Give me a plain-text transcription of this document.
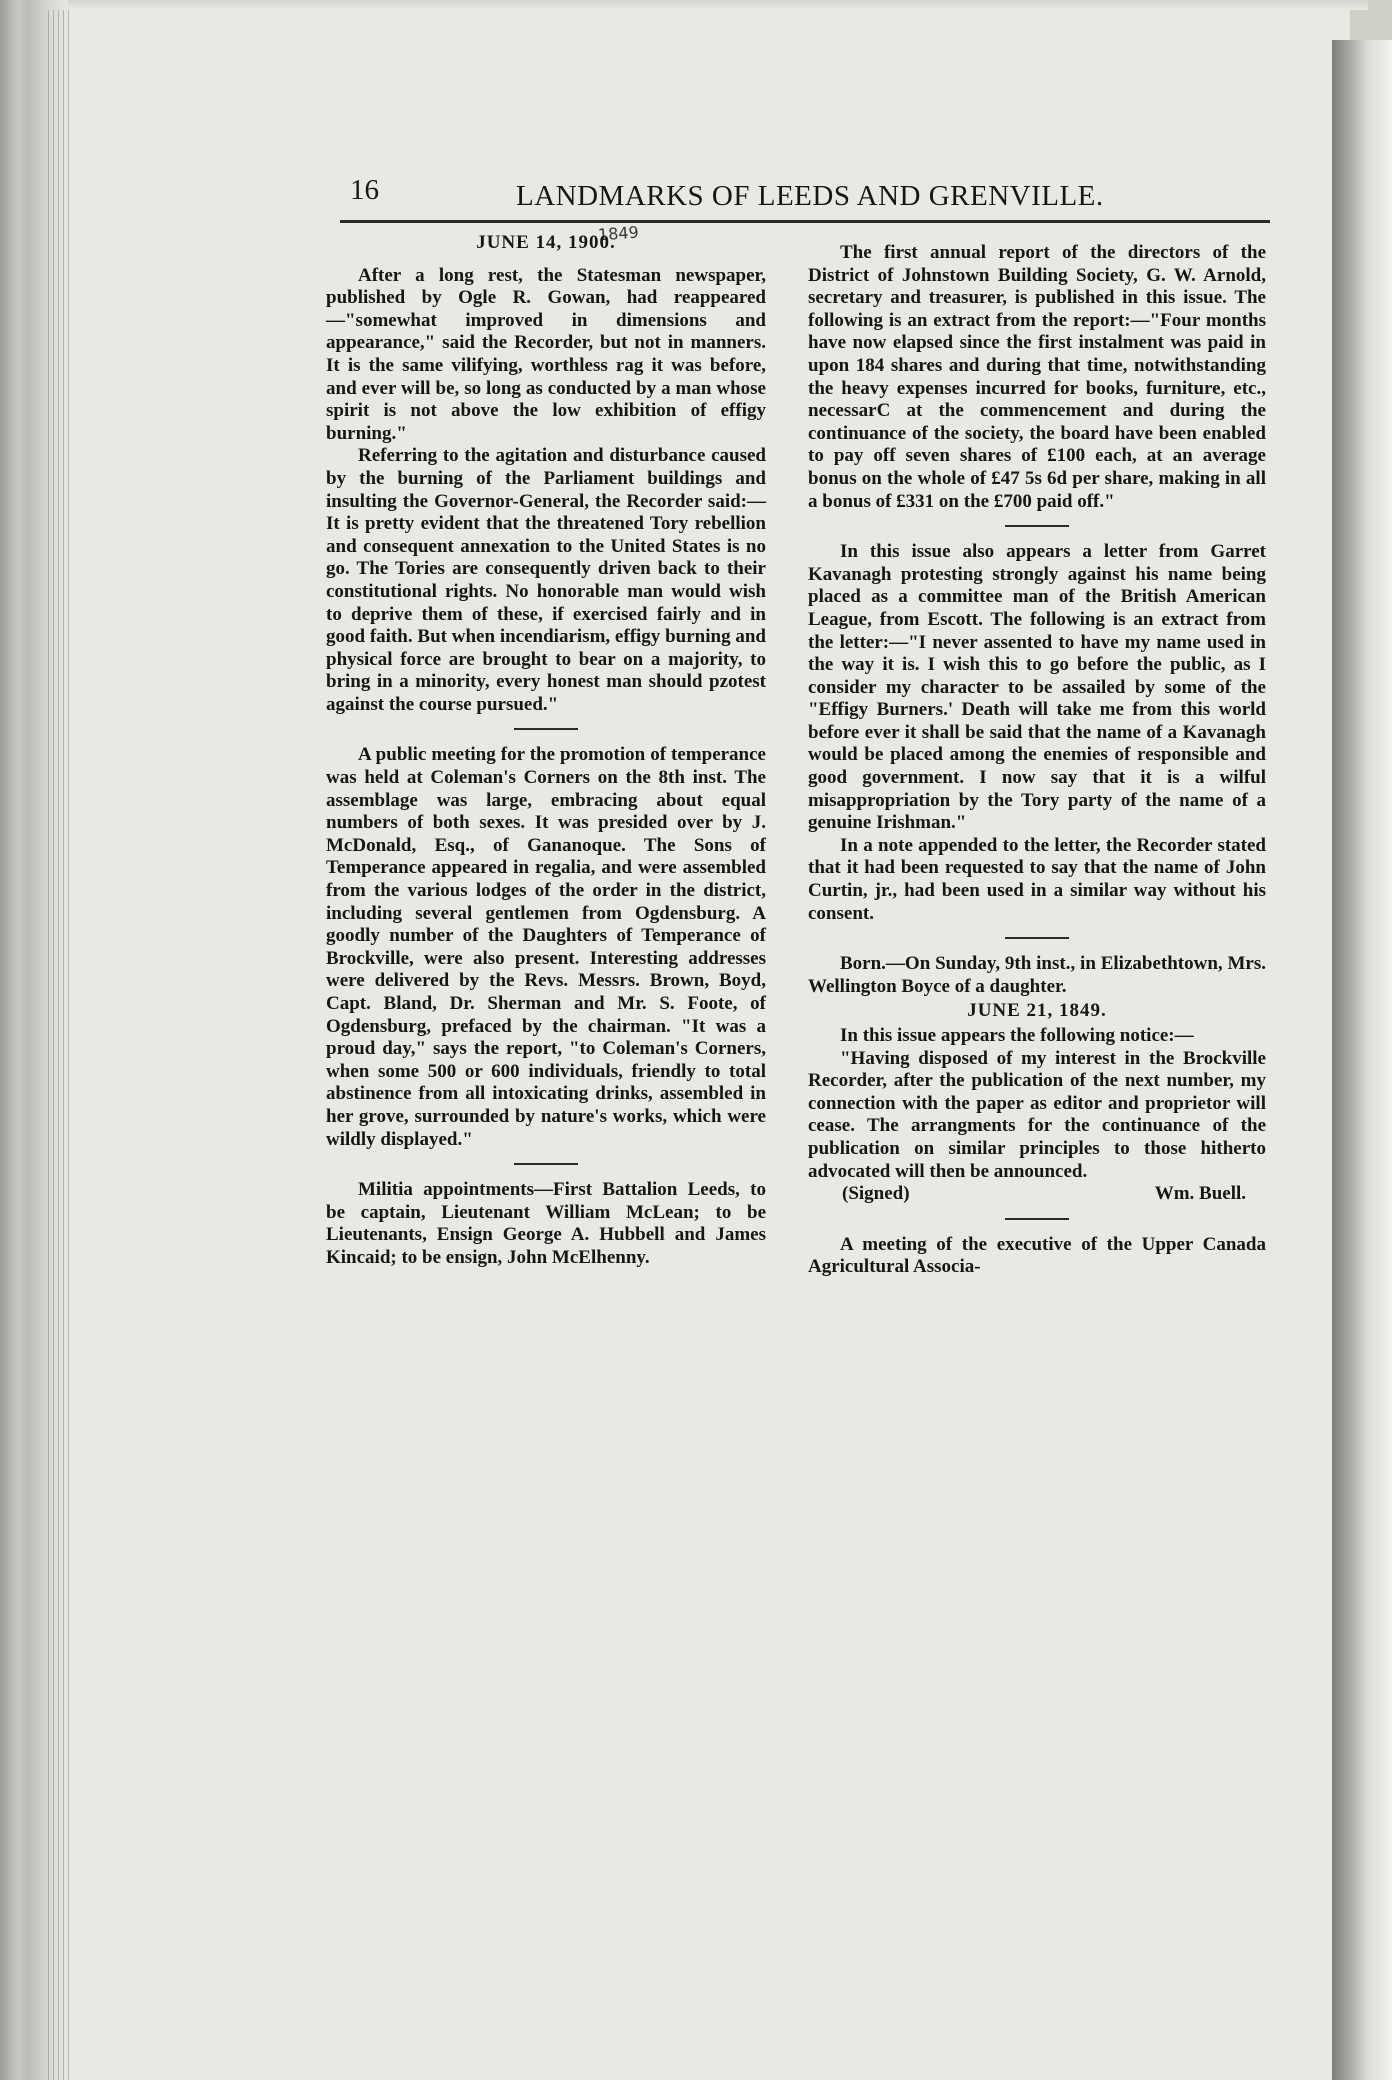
16	LANDMARKS OF LEEDS AND GRENVILLE.
1849
JUNE 14, 1900.

After a long rest, the Statesman newspaper, published by Ogle R. Gowan, had reappeared—"somewhat improved in dimensions and appearance," said the Recorder, but not in manners. It is the same vilifying, worthless rag it was before, and ever will be, so long as conducted by a man whose spirit is not above the low exhibition of effigy burning."

Referring to the agitation and disturbance caused by the burning of the Parliament buildings and insulting the Governor-General, the Recorder said:—It is pretty evident that the threatened Tory rebellion and consequent annexation to the United States is no go. The Tories are consequently driven back to their constitutional rights. No honorable man would wish to deprive them of these, if exercised fairly and in good faith. But when incendiarism, effigy burning and physical force are brought to bear on a majority, to bring in a minority, every honest man should pzotest against the course pursued."

A public meeting for the promotion of temperance was held at Coleman's Corners on the 8th inst. The assemblage was large, embracing about equal numbers of both sexes. It was presided over by J. McDonald, Esq., of Gananoque. The Sons of Temperance appeared in regalia, and were assembled from the various lodges of the order in the district, including several gentlemen from Ogdensburg. A goodly number of the Daughters of Temperance of Brockville, were also present. Interesting addresses were delivered by the Revs. Messrs. Brown, Boyd, Capt. Bland, Dr. Sherman and Mr. S. Foote, of Ogdensburg, prefaced by the chairman. "It was a proud day," says the report, "to Coleman's Corners, when some 500 or 600 individuals, friendly to total abstinence from all intoxicating drinks, assembled in her grove, surrounded by nature's works, which were wildly displayed."

Militia appointments—First Battalion Leeds, to be captain, Lieutenant William McLean; to be Lieutenants, Ensign George A. Hubbell and James Kincaid; to be ensign, John McElhenny.

The first annual report of the directors of the District of Johnstown Building Society, G. W. Arnold, secretary and treasurer, is published in this issue. The following is an extract from the report:—"Four months have now elapsed since the first instalment was paid in upon 184 shares and during that time, notwithstanding the heavy expenses incurred for books, furniture, etc., necessarC at the commencement and during the continuance of the society, the board have been enabled to pay off seven shares of £100 each, at an average bonus on the whole of £47 5s 6d per share, making in all a bonus of £331 on the £700 paid off."

In this issue also appears a letter from Garret Kavanagh protesting strongly against his name being placed as a committee man of the British American League, from Escott. The following is an extract from the letter:—"I never assented to have my name used in the way it is. I wish this to go before the public, as I consider my character to be assailed by some of the "Effigy Burners.' Death will take me from this world before ever it shall be said that the name of a Kavanagh would be placed among the enemies of responsible and good government. I now say that it is a wilful misappropriation by the Tory party of the name of a genuine Irishman."

In a note appended to the letter, the Recorder stated that it had been requested to say that the name of John Curtin, jr., had been used in a similar way without his consent.

Born.—On Sunday, 9th inst., in Elizabethtown, Mrs. Wellington Boyce of a daughter.

JUNE 21, 1849.

In this issue appears the following notice:—

"Having disposed of my interest in the Brockville Recorder, after the publication of the next number, my connection with the paper as editor and proprietor will cease. The arrangments for the continuance of the publication on similar principles to those hitherto advocated will then be announced.

(Signed)	Wm. Buell.

A meeting of the executive of the Upper Canada Agricultural Associa-
